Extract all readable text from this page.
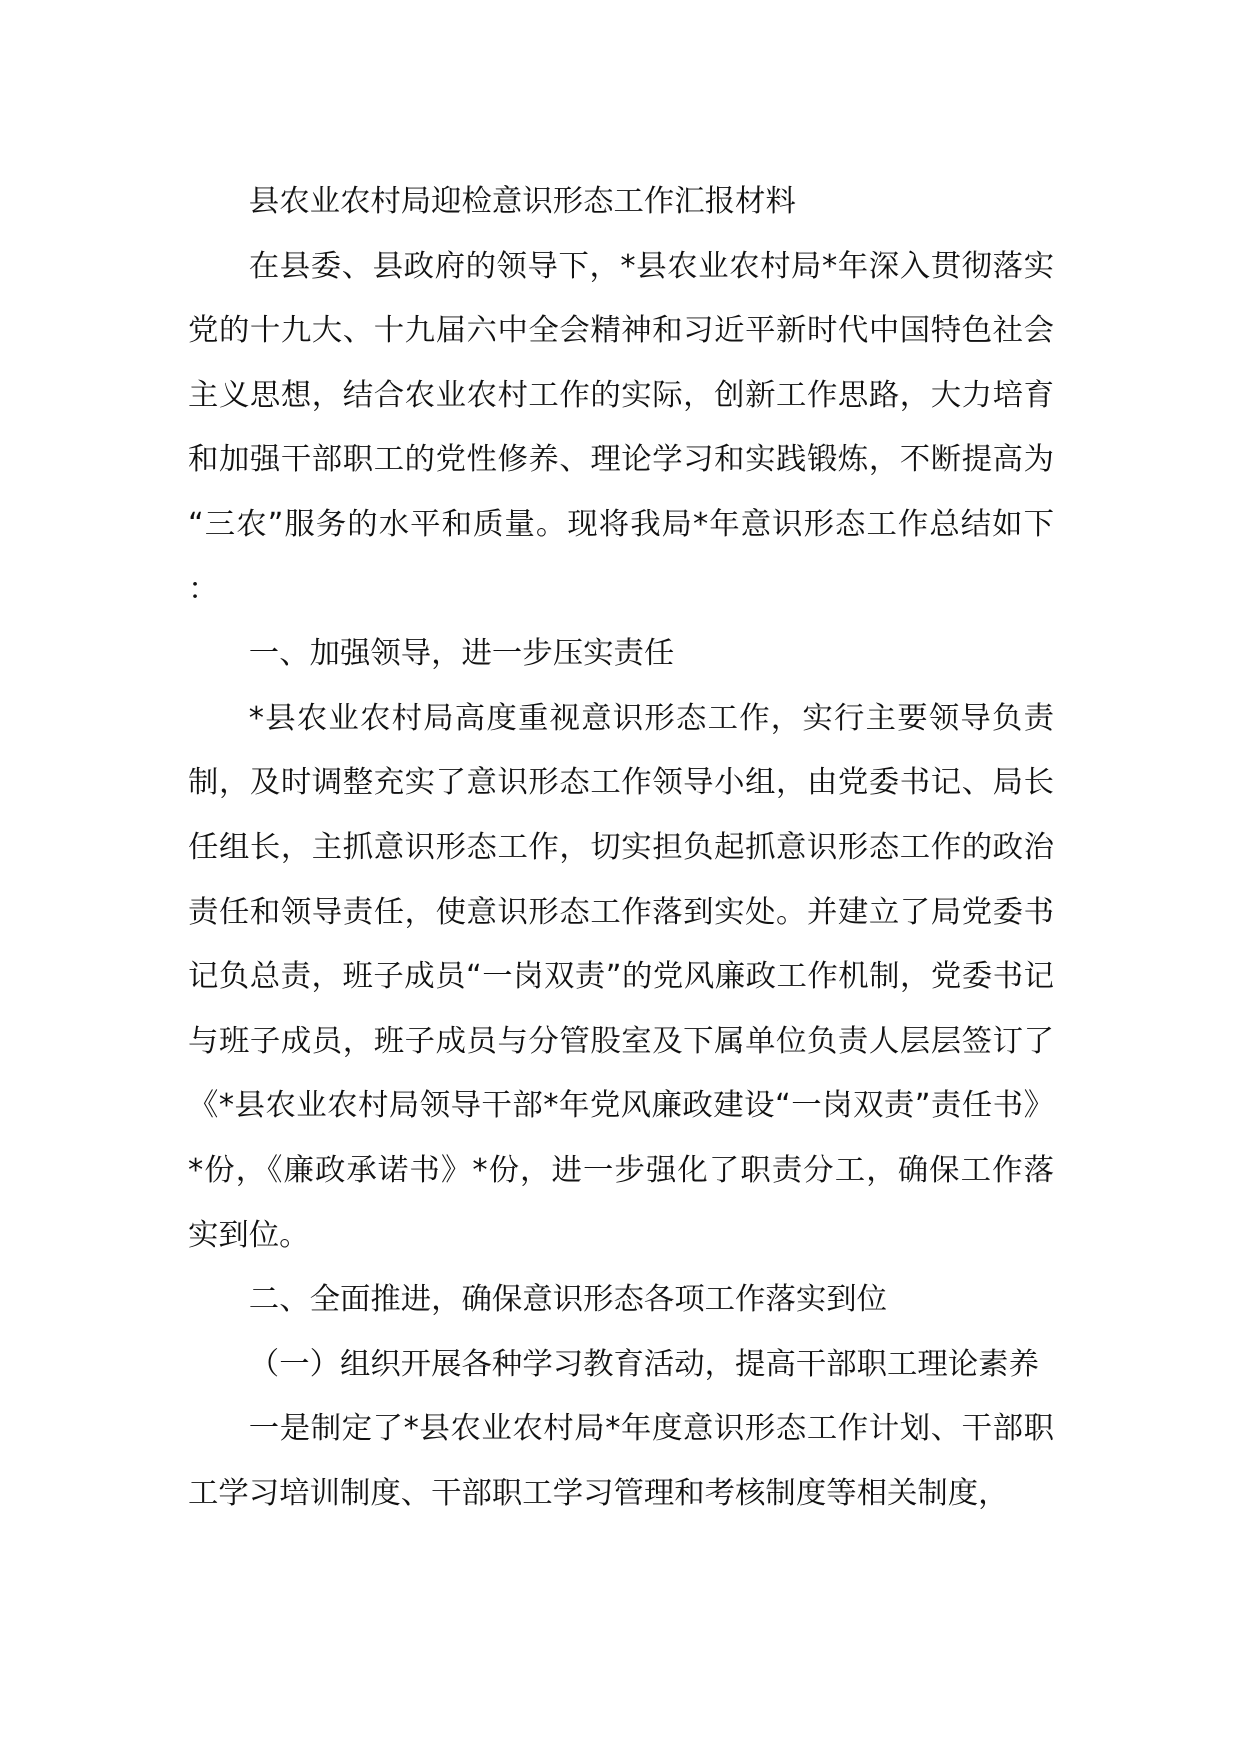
县农业农村局迎检意识形态工作汇报材料

在县委、县政府的领导下，*县农业农村局*年深入贯彻落实党的十九大、十九届六中全会精神和习近平新时代中国特色社会主义思想，结合农业农村工作的实际，创新工作思路，大力培育和加强干部职工的党性修养、理论学习和实践锻炼，不断提高为“三农”服务的水平和质量。现将我局*年意识形态工作总结如下：

一、加强领导，进一步压实责任

*县农业农村局高度重视意识形态工作，实行主要领导负责制，及时调整充实了意识形态工作领导小组，由党委书记、局长任组长，主抓意识形态工作，切实担负起抓意识形态工作的政治责任和领导责任，使意识形态工作落到实处。并建立了局党委书记负总责，班子成员“一岗双责”的党风廉政工作机制，党委书记与班子成员，班子成员与分管股室及下属单位负责人层层签订了《*县农业农村局领导干部*年党风廉政建设“一岗双责”责任书》*份，《廉政承诺书》*份，进一步强化了职责分工，确保工作落实到位。

二、全面推进，确保意识形态各项工作落实到位

（一）组织开展各种学习教育活动，提高干部职工理论素养

一是制定了*县农业农村局*年度意识形态工作计划、干部职工学习培训制度、干部职工学习管理和考核制度等相关制度，
